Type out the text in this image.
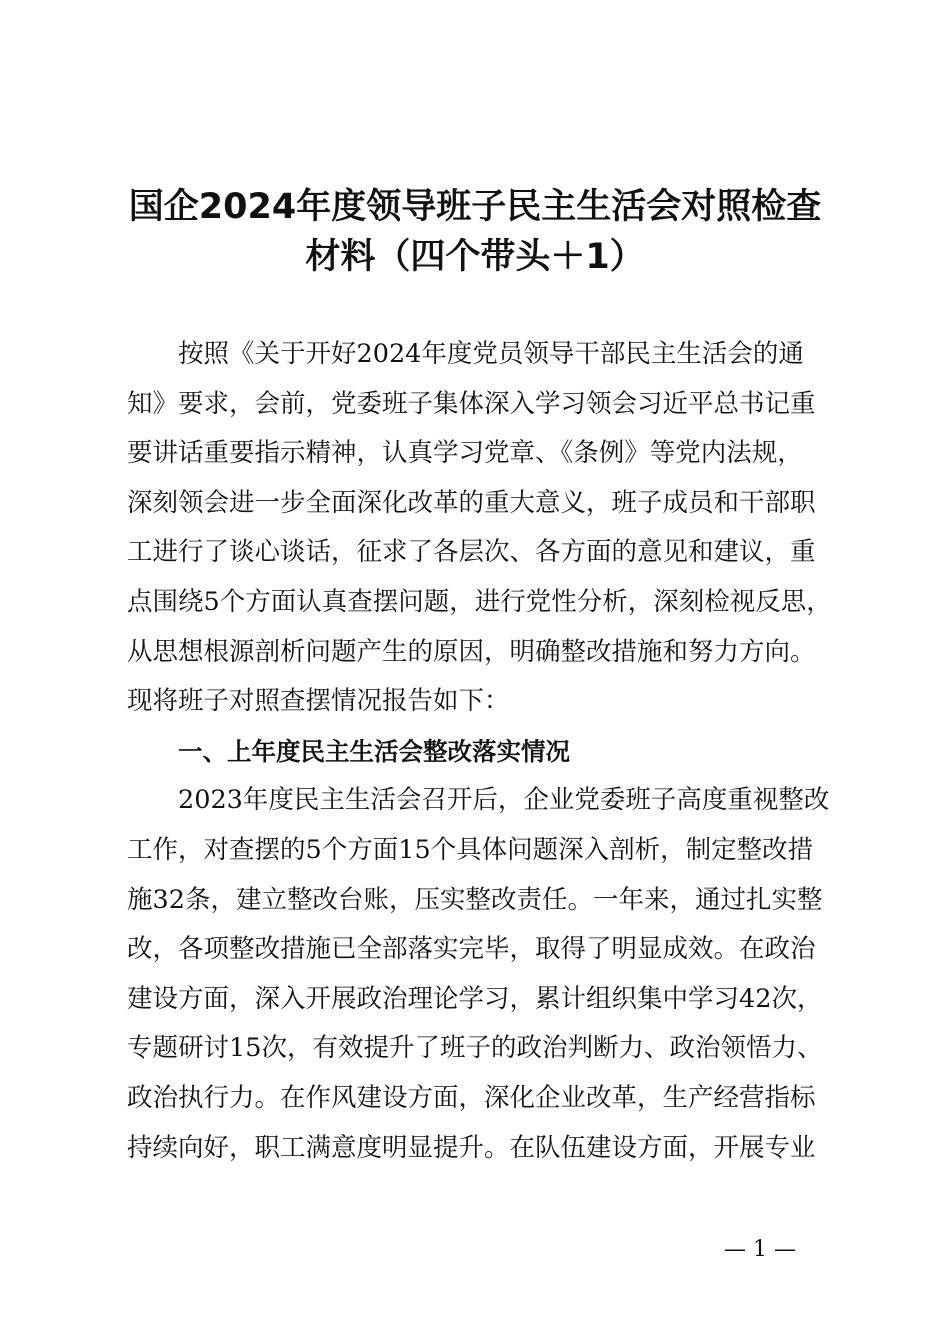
国企2024年度领导班子民主生活会对照检查
材料（四个带头＋1）
按照《关于开好2024年度党员领导干部民主生活会的通
知》要求，会前，党委班子集体深入学习领会习近平总书记重
要讲话重要指示精神，认真学习党章、《条例》等党内法规，
深刻领会进一步全面深化改革的重大意义，班子成员和干部职
工进行了谈心谈话，征求了各层次、各方面的意见和建议，重
点围绕5个方面认真查摆问题，进行党性分析，深刻检视反思，
从思想根源剖析问题产生的原因，明确整改措施和努力方向。
现将班子对照查摆情况报告如下：
一、上年度民主生活会整改落实情况
2023年度民主生活会召开后，企业党委班子高度重视整改
工作，对查摆的5个方面15个具体问题深入剖析，制定整改措
施32条，建立整改台账，压实整改责任。一年来，通过扎实整
改，各项整改措施已全部落实完毕，取得了明显成效。在政治
建设方面，深入开展政治理论学习，累计组织集中学习42次，
专题研讨15次，有效提升了班子的政治判断力、政治领悟力、
政治执行力。在作风建设方面，深化企业改革，生产经营指标
持续向好，职工满意度明显提升。在队伍建设方面，开展专业
— 1 —
